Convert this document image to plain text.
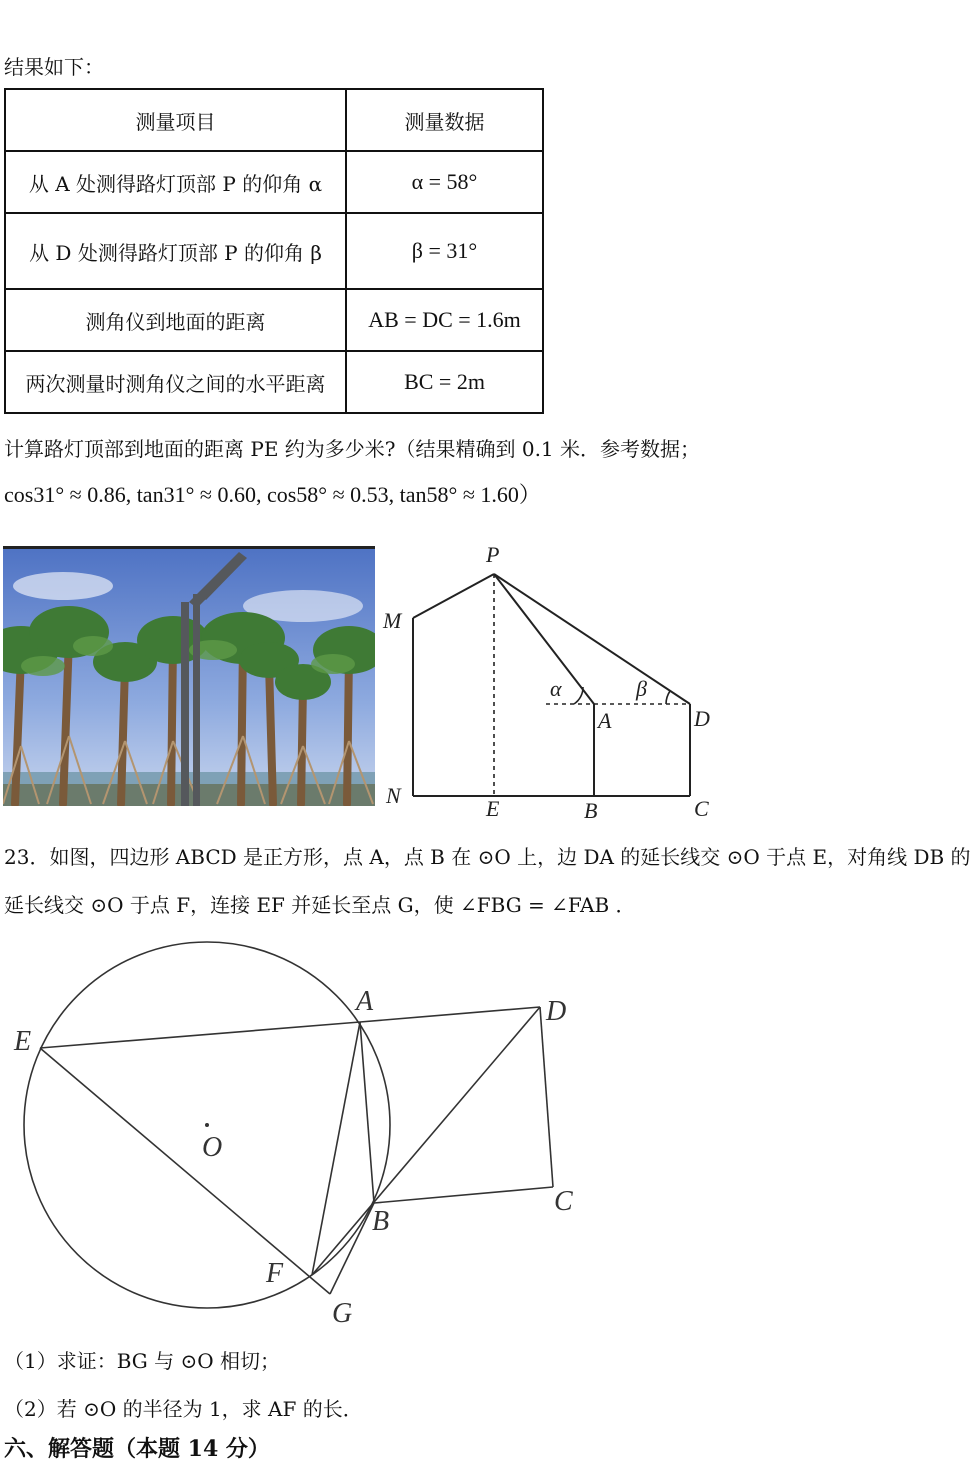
结果如下：
测量项目	测量数据
从 A 处测得路灯顶部 P 的仰角 α	α = 58°
从 D 处测得路灯顶部 P 的仰角 β	β = 31°
测角仪到地面的距离	AB = DC = 1.6m
两次测量时测角仪之间的水平距离	BC = 2m
计算路灯顶部到地面的距离 PE 约为多少米?（结果精确到 0.1 米．参考数据；
cos31° ≈ 0.86, tan31° ≈ 0.60, cos58° ≈ 0.53, tan58° ≈ 1.60）
P
M
N
E	B	C
D
A
α	β
23．如图，四边形 ABCD 是正方形，点 A，点 B 在 ⊙O 上，边 DA 的延长线交 ⊙O 于点 E，对角线 DB 的
延长线交 ⊙O 于点 F，连接 EF 并延长至点 G，使 ∠FBG = ∠FAB ．
A	D
E
O
C
B
F
G
（1）求证：BG 与 ⊙O 相切；
（2）若 ⊙O 的半径为 1，求 AF 的长．
六、解答题（本题 14 分）
